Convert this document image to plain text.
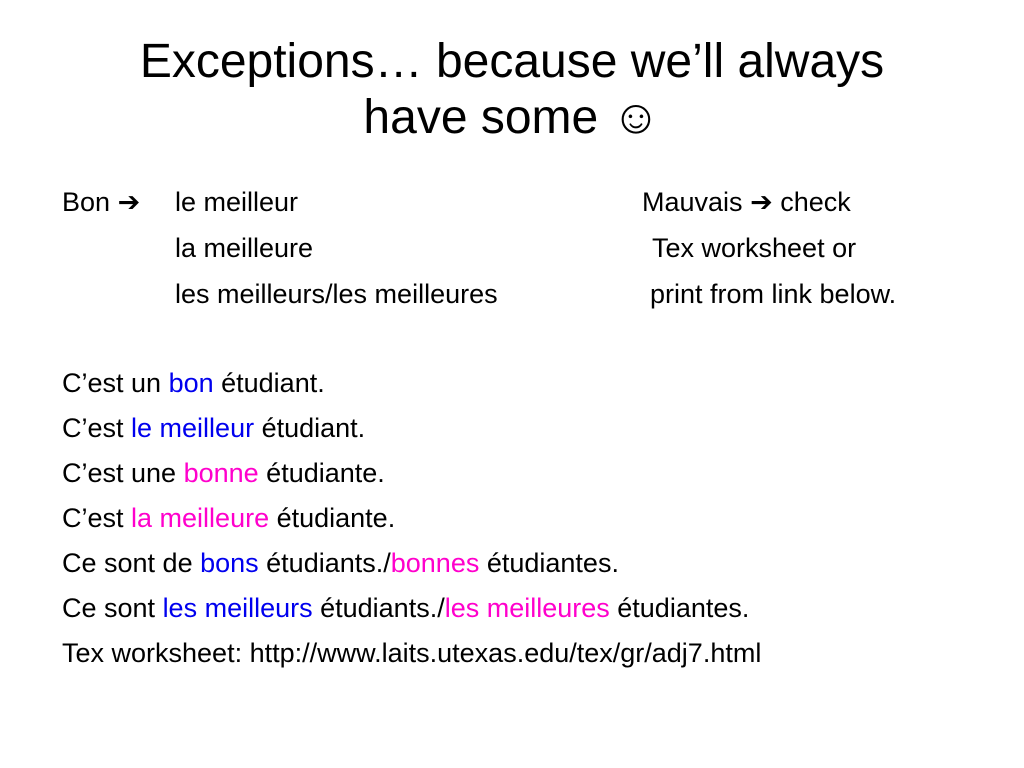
Exceptions… because we’ll always
have some ☺
Bon ➔ le meilleur
la meilleure
les meilleurs/les meilleures
Mauvais ➔ check
Tex worksheet or
print from link below.
C’est un bon étudiant.
C’est le meilleur étudiant.
C’est une bonne étudiante.
C’est la meilleure étudiante.
Ce sont de bons étudiants./bonnes étudiantes.
Ce sont les meilleurs étudiants./les meilleures étudiantes.
Tex worksheet: http://www.laits.utexas.edu/tex/gr/adj7.html
